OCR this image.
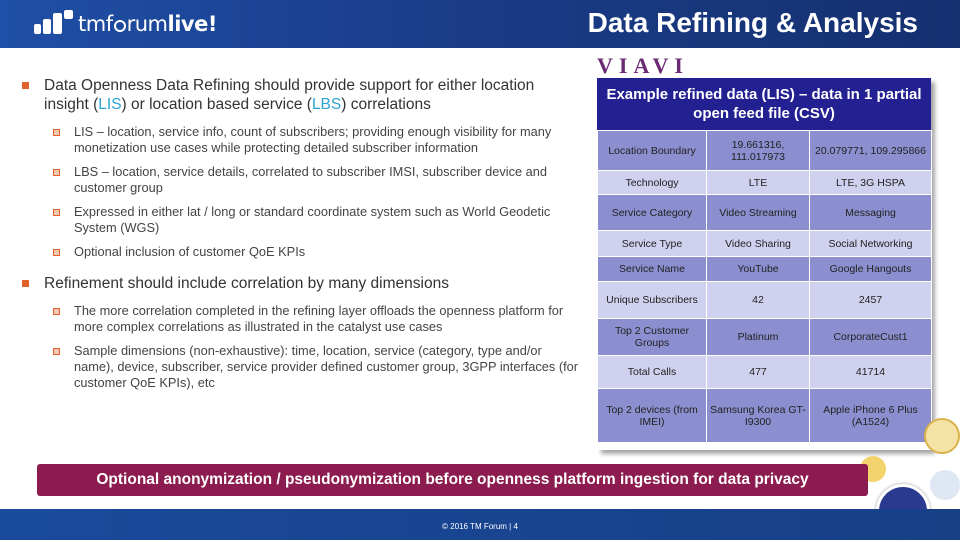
tmf rumlive!	Data Refining & Analysis
VIAVI
Data Openness Data Refining should provide support for either location insight (LIS) or location based service (LBS) correlations
LIS – location, service info, count of subscribers; providing enough visibility for many monetization use cases while protecting detailed subscriber information
LBS – location, service details, correlated to subscriber IMSI, subscriber device and customer group
Expressed in either lat / long or standard coordinate system such as World Geodetic System (WGS)
Optional inclusion of customer QoE KPIs
Refinement should include correlation by many dimensions
The more correlation completed in the refining layer offloads the openness platform for more complex correlations as illustrated in the catalyst use cases
Sample dimensions (non-exhaustive): time, location, service (category, type and/or name), device, subscriber, service provider defined customer group, 3GPP interfaces (for customer QoE KPIs), etc
Example refined data (LIS) – data in 1 partial open feed file (CSV)
Location Boundary	19.661316, 111.017973	20.079771, 109.295866
Technology	LTE	LTE, 3G HSPA
Service Category	Video Streaming	Messaging
Service Type	Video Sharing	Social Networking
Service Name	YouTube	Google Hangouts
Unique Subscribers	42	2457
Top 2 Customer Groups	Platinum	CorporateCust1
Total Calls	477	41714
Top 2 devices (from IMEI)	Samsung Korea GT-I9300	Apple iPhone 6 Plus (A1524)
Optional anonymization / pseudonymization before openness platform ingestion for data privacy
© 2016 TM Forum | 4
